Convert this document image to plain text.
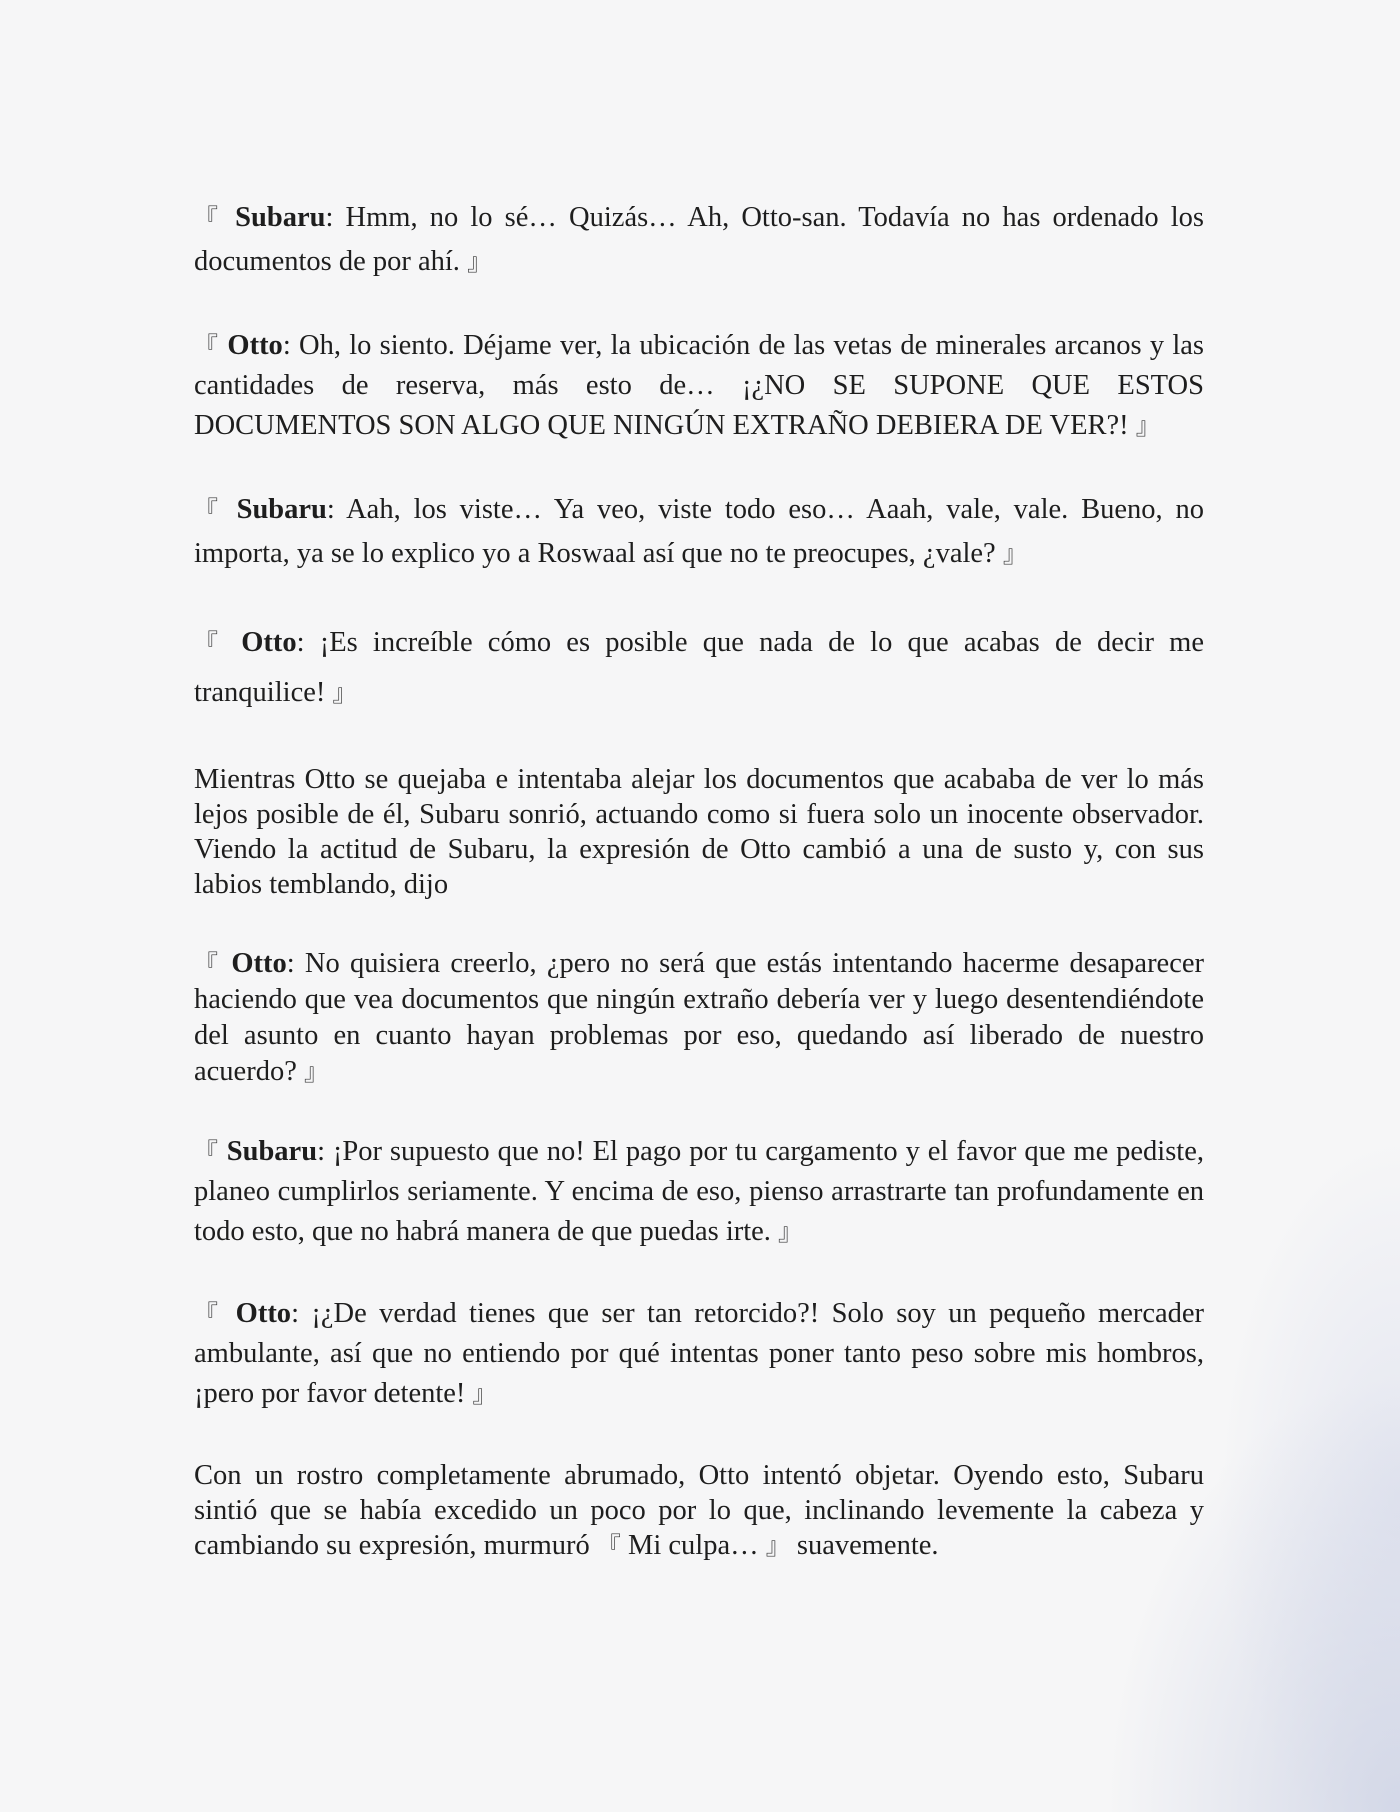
『 Subaru: Hmm, no lo sé… Quizás… Ah, Otto-san. Todavía no has ordenado los documentos de por ahí. 』

『 Otto: Oh, lo siento. Déjame ver, la ubicación de las vetas de minerales arcanos y las cantidades de reserva, más esto de… ¡¿NO SE SUPONE QUE ESTOS DOCUMENTOS SON ALGO QUE NINGÚN EXTRAÑO DEBIERA DE VER?! 』

『 Subaru: Aah, los viste… Ya veo, viste todo eso… Aaah, vale, vale. Bueno, no importa, ya se lo explico yo a Roswaal así que no te preocupes, ¿vale? 』

『 Otto: ¡Es increíble cómo es posible que nada de lo que acabas de decir me tranquilice! 』

Mientras Otto se quejaba e intentaba alejar los documentos que acababa de ver lo más lejos posible de él, Subaru sonrió, actuando como si fuera solo un inocente observador. Viendo la actitud de Subaru, la expresión de Otto cambió a una de susto y, con sus labios temblando, dijo

『 Otto: No quisiera creerlo, ¿pero no será que estás intentando hacerme desaparecer haciendo que vea documentos que ningún extraño debería ver y luego desentendiéndote del asunto en cuanto hayan problemas por eso, quedando así liberado de nuestro acuerdo? 』

『 Subaru: ¡Por supuesto que no! El pago por tu cargamento y el favor que me pediste, planeo cumplirlos seriamente. Y encima de eso, pienso arrastrarte tan profundamente en todo esto, que no habrá manera de que puedas irte. 』

『 Otto: ¡¿De verdad tienes que ser tan retorcido?! Solo soy un pequeño mercader ambulante, así que no entiendo por qué intentas poner tanto peso sobre mis hombros, ¡pero por favor detente! 』

Con un rostro completamente abrumado, Otto intentó objetar. Oyendo esto, Subaru sintió que se había excedido un poco por lo que, inclinando levemente la cabeza y cambiando su expresión, murmuró 『 Mi culpa… 』 suavemente.
